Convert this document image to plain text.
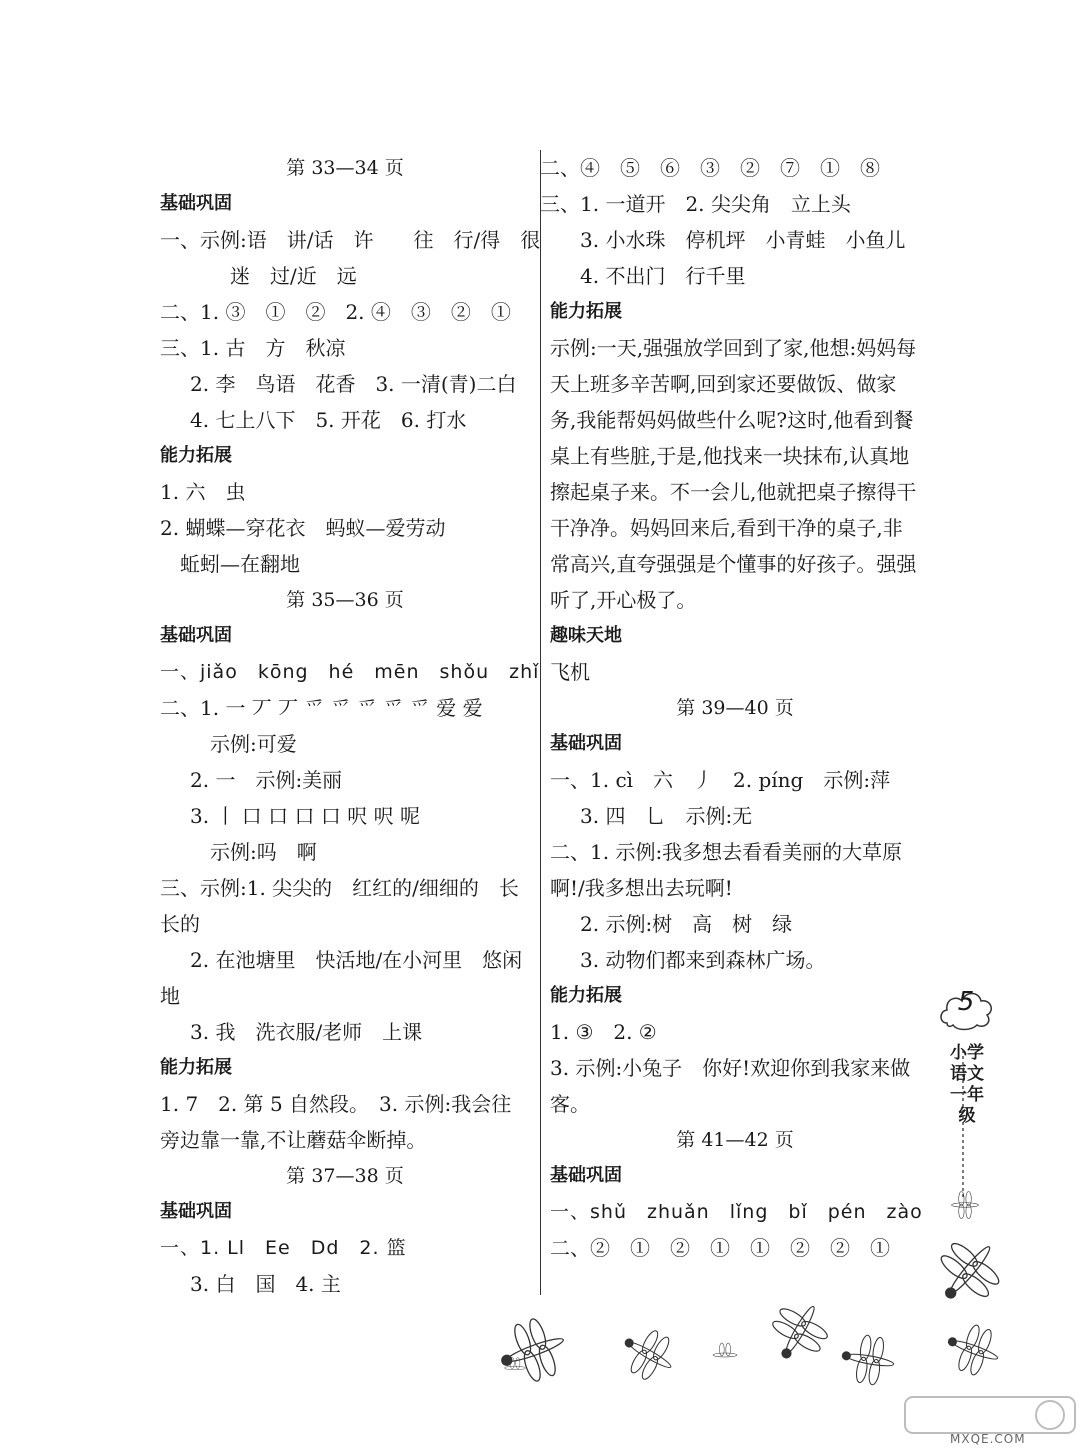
第 33—34 页
基础巩固
一、示例:语　讲/话　许　　往　行/得　很
迷　过/近　远
二、1. ③　①　②　2. ④　③　②　①
三、1. 古　方　秋凉
2. 李　鸟语　花香　3. 一清(青)二白
4. 七上八下　5. 开花　6. 打水
能力拓展
1. 六　虫
2. 蝴蝶—穿花衣　蚂蚁—爱劳动
蚯蚓—在翻地
第 35—36 页
基础巩固
一、jiǎo　kōng　hé　mēn　shǒu　zhǐ
二、1. 一 丆 丆 爫 爫 爫 爫 爫 爱 爱
示例:可爱
2. 一　示例:美丽
3. 丨 口 口 口 口 呎 呎 呢
示例:吗　啊
三、示例:1. 尖尖的　红红的/细细的　长长的
2. 在池塘里　快活地/在小河里　悠闲地
3. 我　洗衣服/老师　上课
能力拓展
1. 7　2. 第 5 自然段。　3. 示例:我会往旁边靠一靠,不让蘑菇伞断掉。
第 37—38 页
基础巩固
一、1. Ll　Ee　Dd　2. 篮
3. 白　国　4. 主
二、④　⑤　⑥　③　②　⑦　①　⑧
三、1. 一道开　2. 尖尖角　立上头
3. 小水珠　停机坪　小青蛙　小鱼儿
4. 不出门　行千里
能力拓展
示例:一天,强强放学回到了家,他想:妈妈每天上班多辛苦啊,回到家还要做饭、做家务,我能帮妈妈做些什么呢?这时,他看到餐桌上有些脏,于是,他找来一块抹布,认真地擦起桌子来。不一会儿,他就把桌子擦得干干净净。妈妈回来后,看到干净的桌子,非常高兴,直夸强强是个懂事的好孩子。强强听了,开心极了。
趣味天地
飞机
第 39—40 页
基础巩固
一、1. cì　六　丿　2. píng　示例:萍
3. 四　乚　示例:无
二、1. 示例:我多想去看看美丽的大草原啊!/我多想出去玩啊!
2. 示例:树　高　树　绿
3. 动物们都来到森林广场。
能力拓展
1. ③　2. ②
3. 示例:小兔子　你好!欢迎你到我家来做客。
第 41—42 页
基础巩固
一、shǔ　zhuǎn　lǐng　bǐ　pén　zào
二、②　①　②　①　①　②　②　①
5
小学语文一年级
MXQE.COM
